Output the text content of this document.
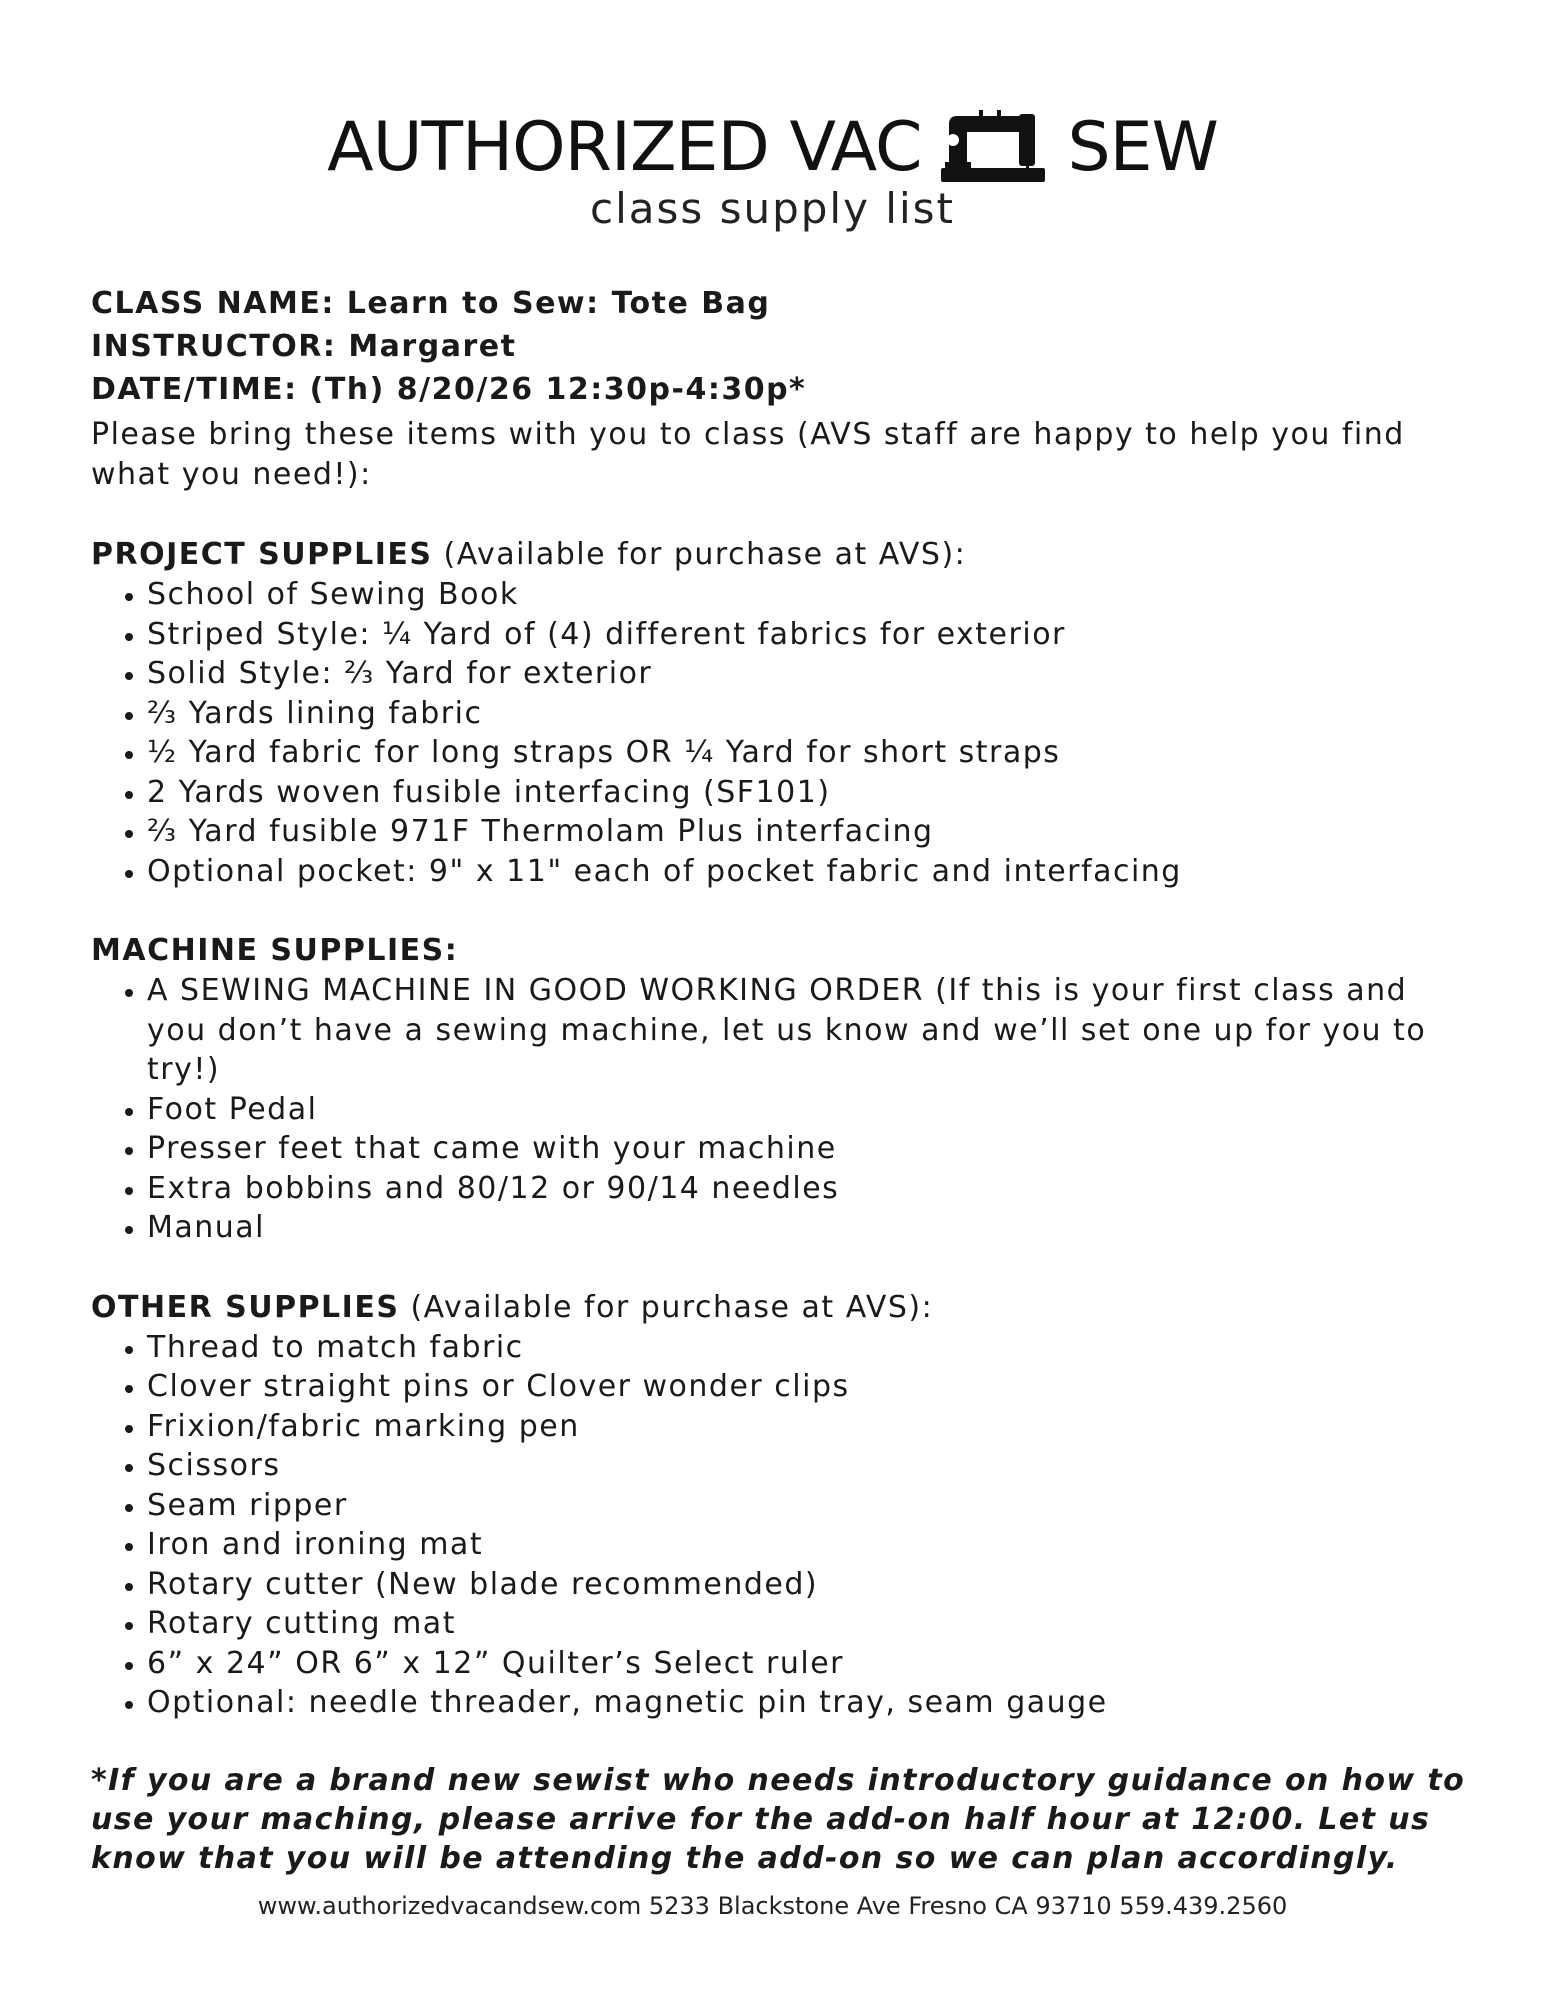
AUTHORIZED VAC SEW
class supply list
CLASS NAME: Learn to Sew: Tote Bag
INSTRUCTOR: Margaret
DATE/TIME: (Th) 8/20/26 12:30p-4:30p*
Please bring these items with you to class (AVS staff are happy to help you find what you need!):
PROJECT SUPPLIES (Available for purchase at AVS):
• School of Sewing Book
• Striped Style: ¼ Yard of (4) different fabrics for exterior
• Solid Style: ⅔ Yard for exterior
• ⅔ Yards lining fabric
• ½ Yard fabric for long straps OR ¼ Yard for short straps
• 2 Yards woven fusible interfacing (SF101)
• ⅔ Yard fusible 971F Thermolam Plus interfacing
• Optional pocket: 9" x 11" each of pocket fabric and interfacing
MACHINE SUPPLIES:
• A SEWING MACHINE IN GOOD WORKING ORDER (If this is your first class and you don’t have a sewing machine, let us know and we’ll set one up for you to try!)
• Foot Pedal
• Presser feet that came with your machine
• Extra bobbins and 80/12 or 90/14 needles
• Manual
OTHER SUPPLIES (Available for purchase at AVS):
• Thread to match fabric
• Clover straight pins or Clover wonder clips
• Frixion/fabric marking pen
• Scissors
• Seam ripper
• Iron and ironing mat
• Rotary cutter (New blade recommended)
• Rotary cutting mat
• 6” x 24” OR 6” x 12” Quilter’s Select ruler
• Optional: needle threader, magnetic pin tray, seam gauge
*If you are a brand new sewist who needs introductory guidance on how to use your maching, please arrive for the add-on half hour at 12:00. Let us know that you will be attending the add-on so we can plan accordingly.
www.authorizedvacandsew.com 5233 Blackstone Ave Fresno CA 93710 559.439.2560
